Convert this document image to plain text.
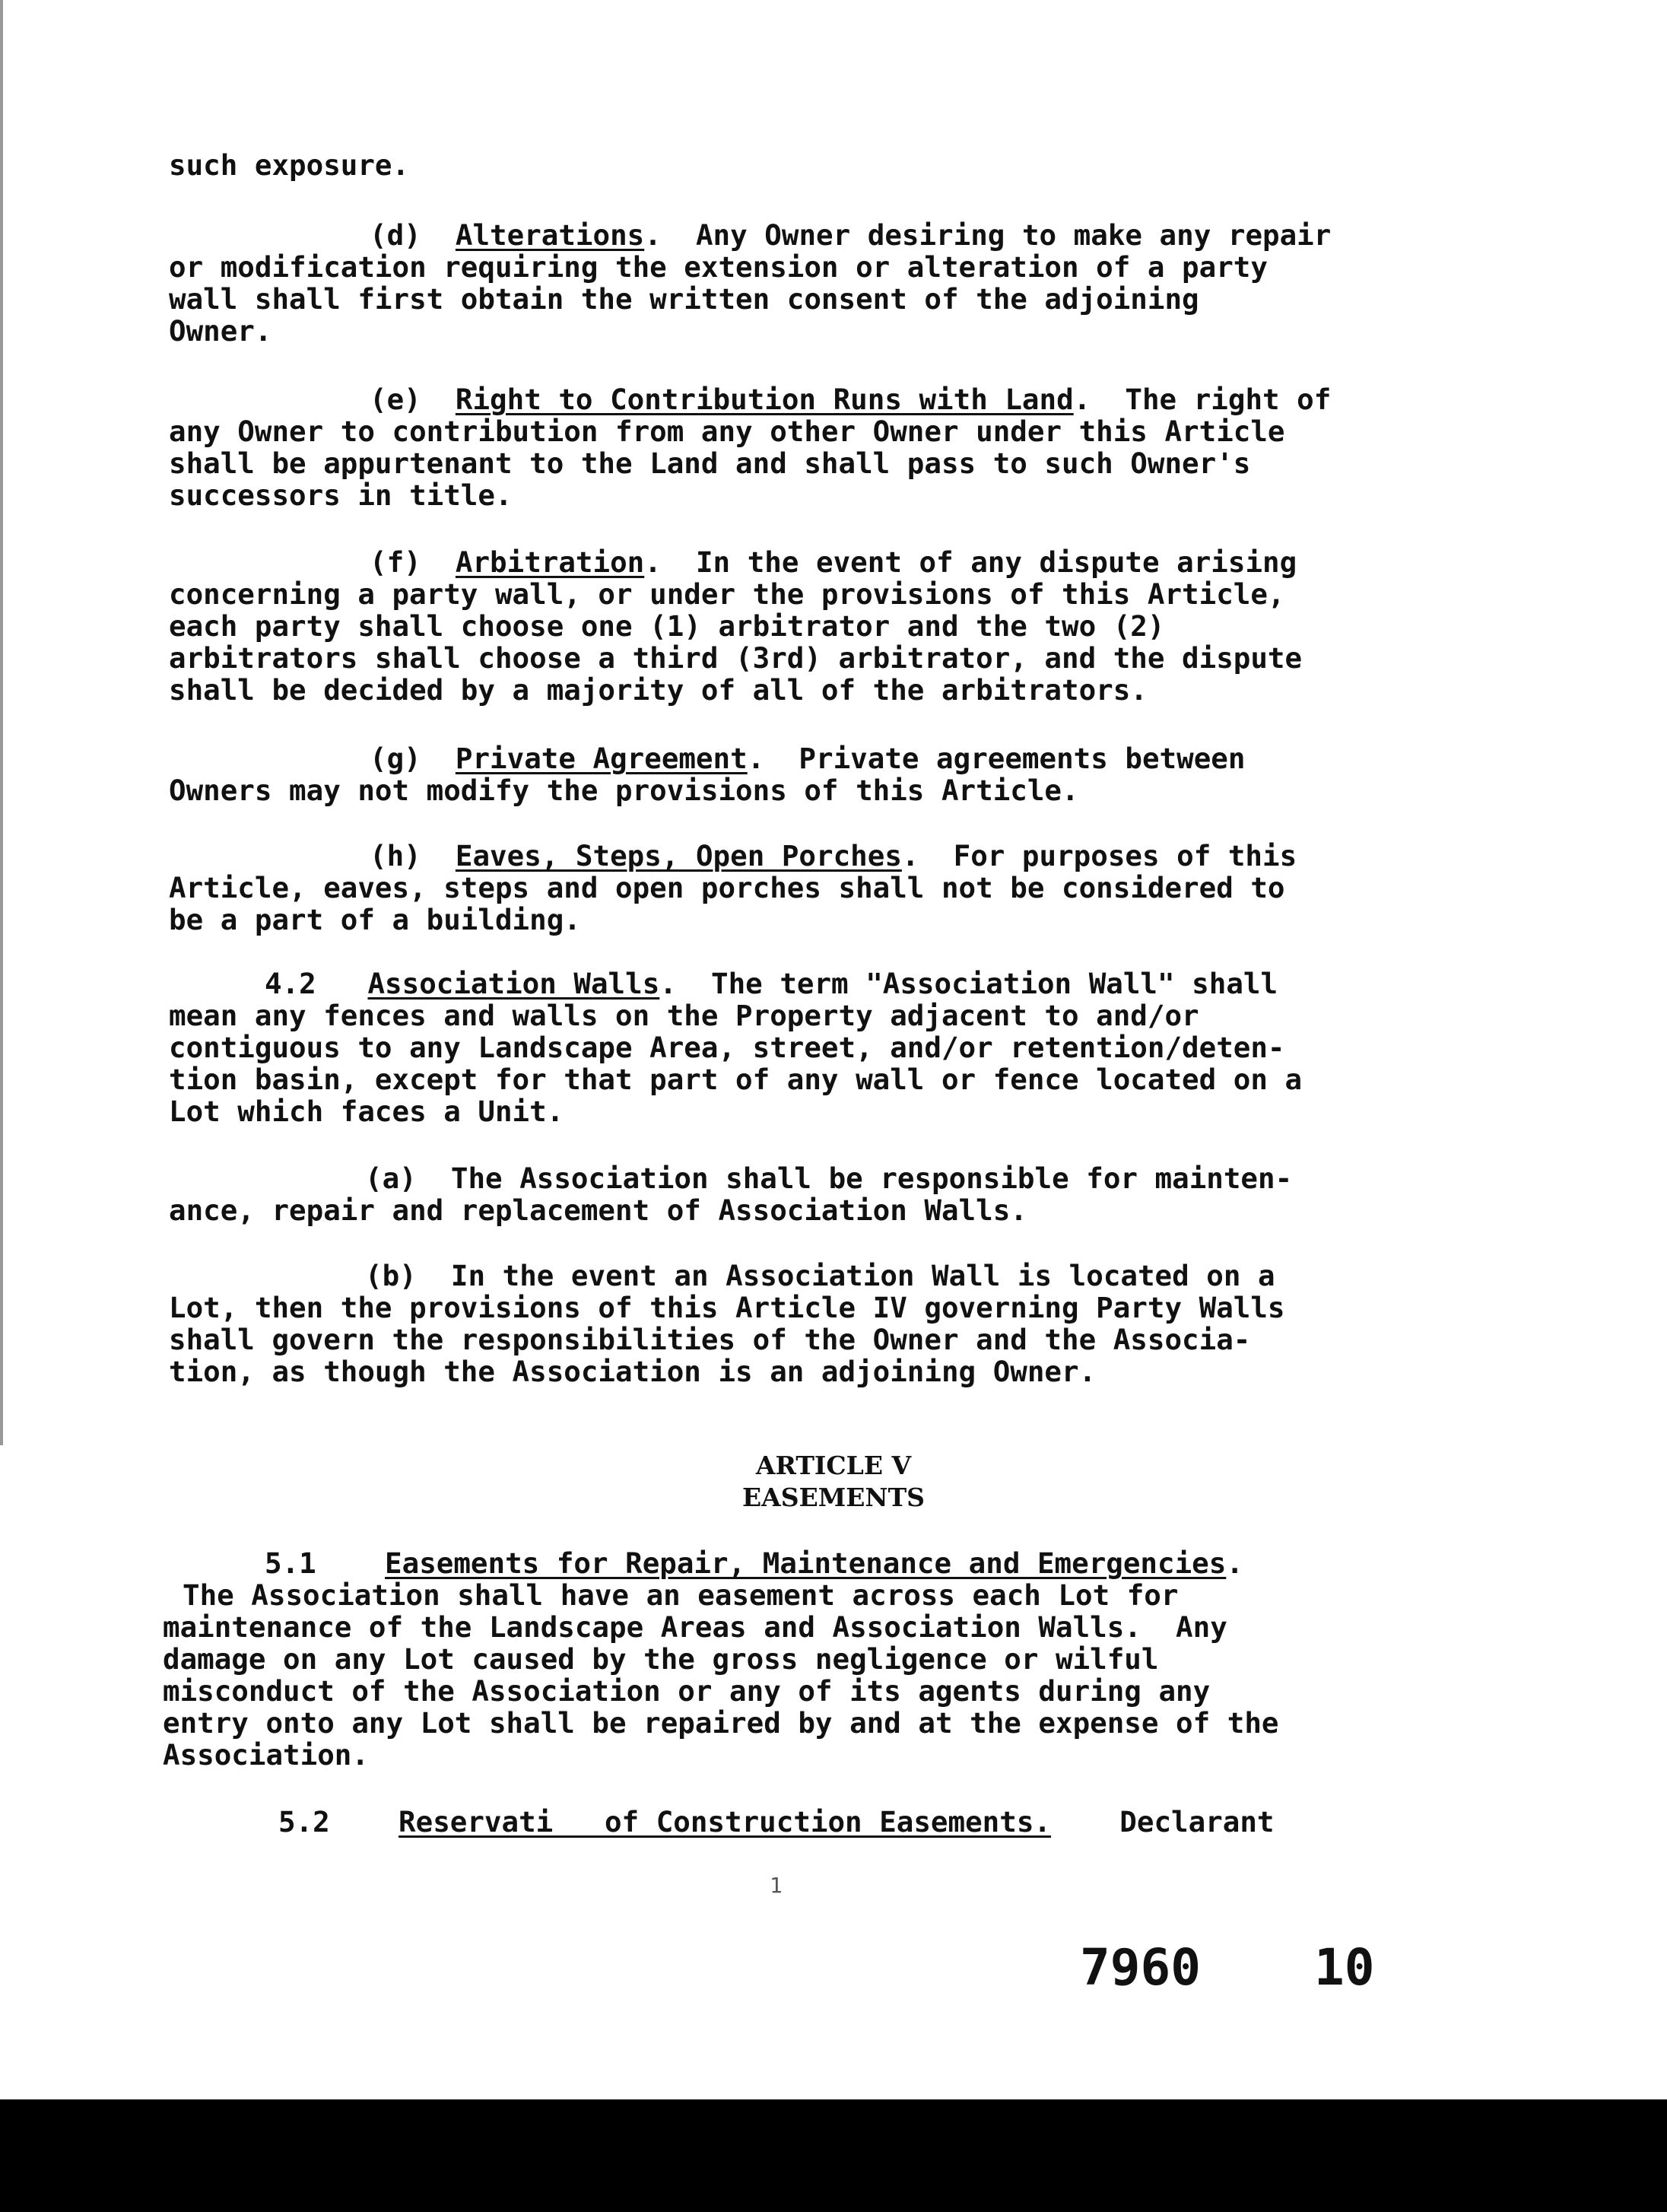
such exposure.

(d) Alterations.  Any Owner desiring to make any repair

or modification requiring the extension or alteration of a party

wall shall first obtain the written consent of the adjoining

Owner.

(e) Right to Contribution Runs with Land.  The right of

any Owner to contribution from any other Owner under this Article

shall be appurtenant to the Land and shall pass to such Owner's

successors in title.

(f) Arbitration.  In the event of any dispute arising

concerning a party wall, or under the provisions of this Article,

each party shall choose one (1) arbitrator and the two (2)

arbitrators shall choose a third (3rd) arbitrator, and the dispute

shall be decided by a majority of all of the arbitrators.

(g) Private Agreement.  Private agreements between

Owners may not modify the provisions of this Article.

(h) Eaves, Steps, Open Porches.  For purposes of this

Article, eaves, steps and open porches shall not be considered to

be a part of a building.

4.2 Association Walls.  The term "Association Wall" shall

mean any fences and walls on the Property adjacent to and/or

contiguous to any Landscape Area, street, and/or retention/deten-

tion basin, except for that part of any wall or fence located on a

Lot which faces a Unit.

(a) The Association shall be responsible for mainten-

ance, repair and replacement of Association Walls.

(b) In the event an Association Wall is located on a

Lot, then the provisions of this Article IV governing Party Walls

shall govern the responsibilities of the Owner and the Associa-

tion, as though the Association is an adjoining Owner.

ARTICLE V

EASEMENTS

5.1 Easements for Repair, Maintenance and Emergencies.

The Association shall have an easement across each Lot for

maintenance of the Landscape Areas and Association Walls.  Any

damage on any Lot caused by the gross negligence or wilful

misconduct of the Association or any of its agents during any

entry onto any Lot shall be repaired by and at the expense of the

Association.

5.2 Reservati   of Construction Easements. Declarant

1
7960 10
